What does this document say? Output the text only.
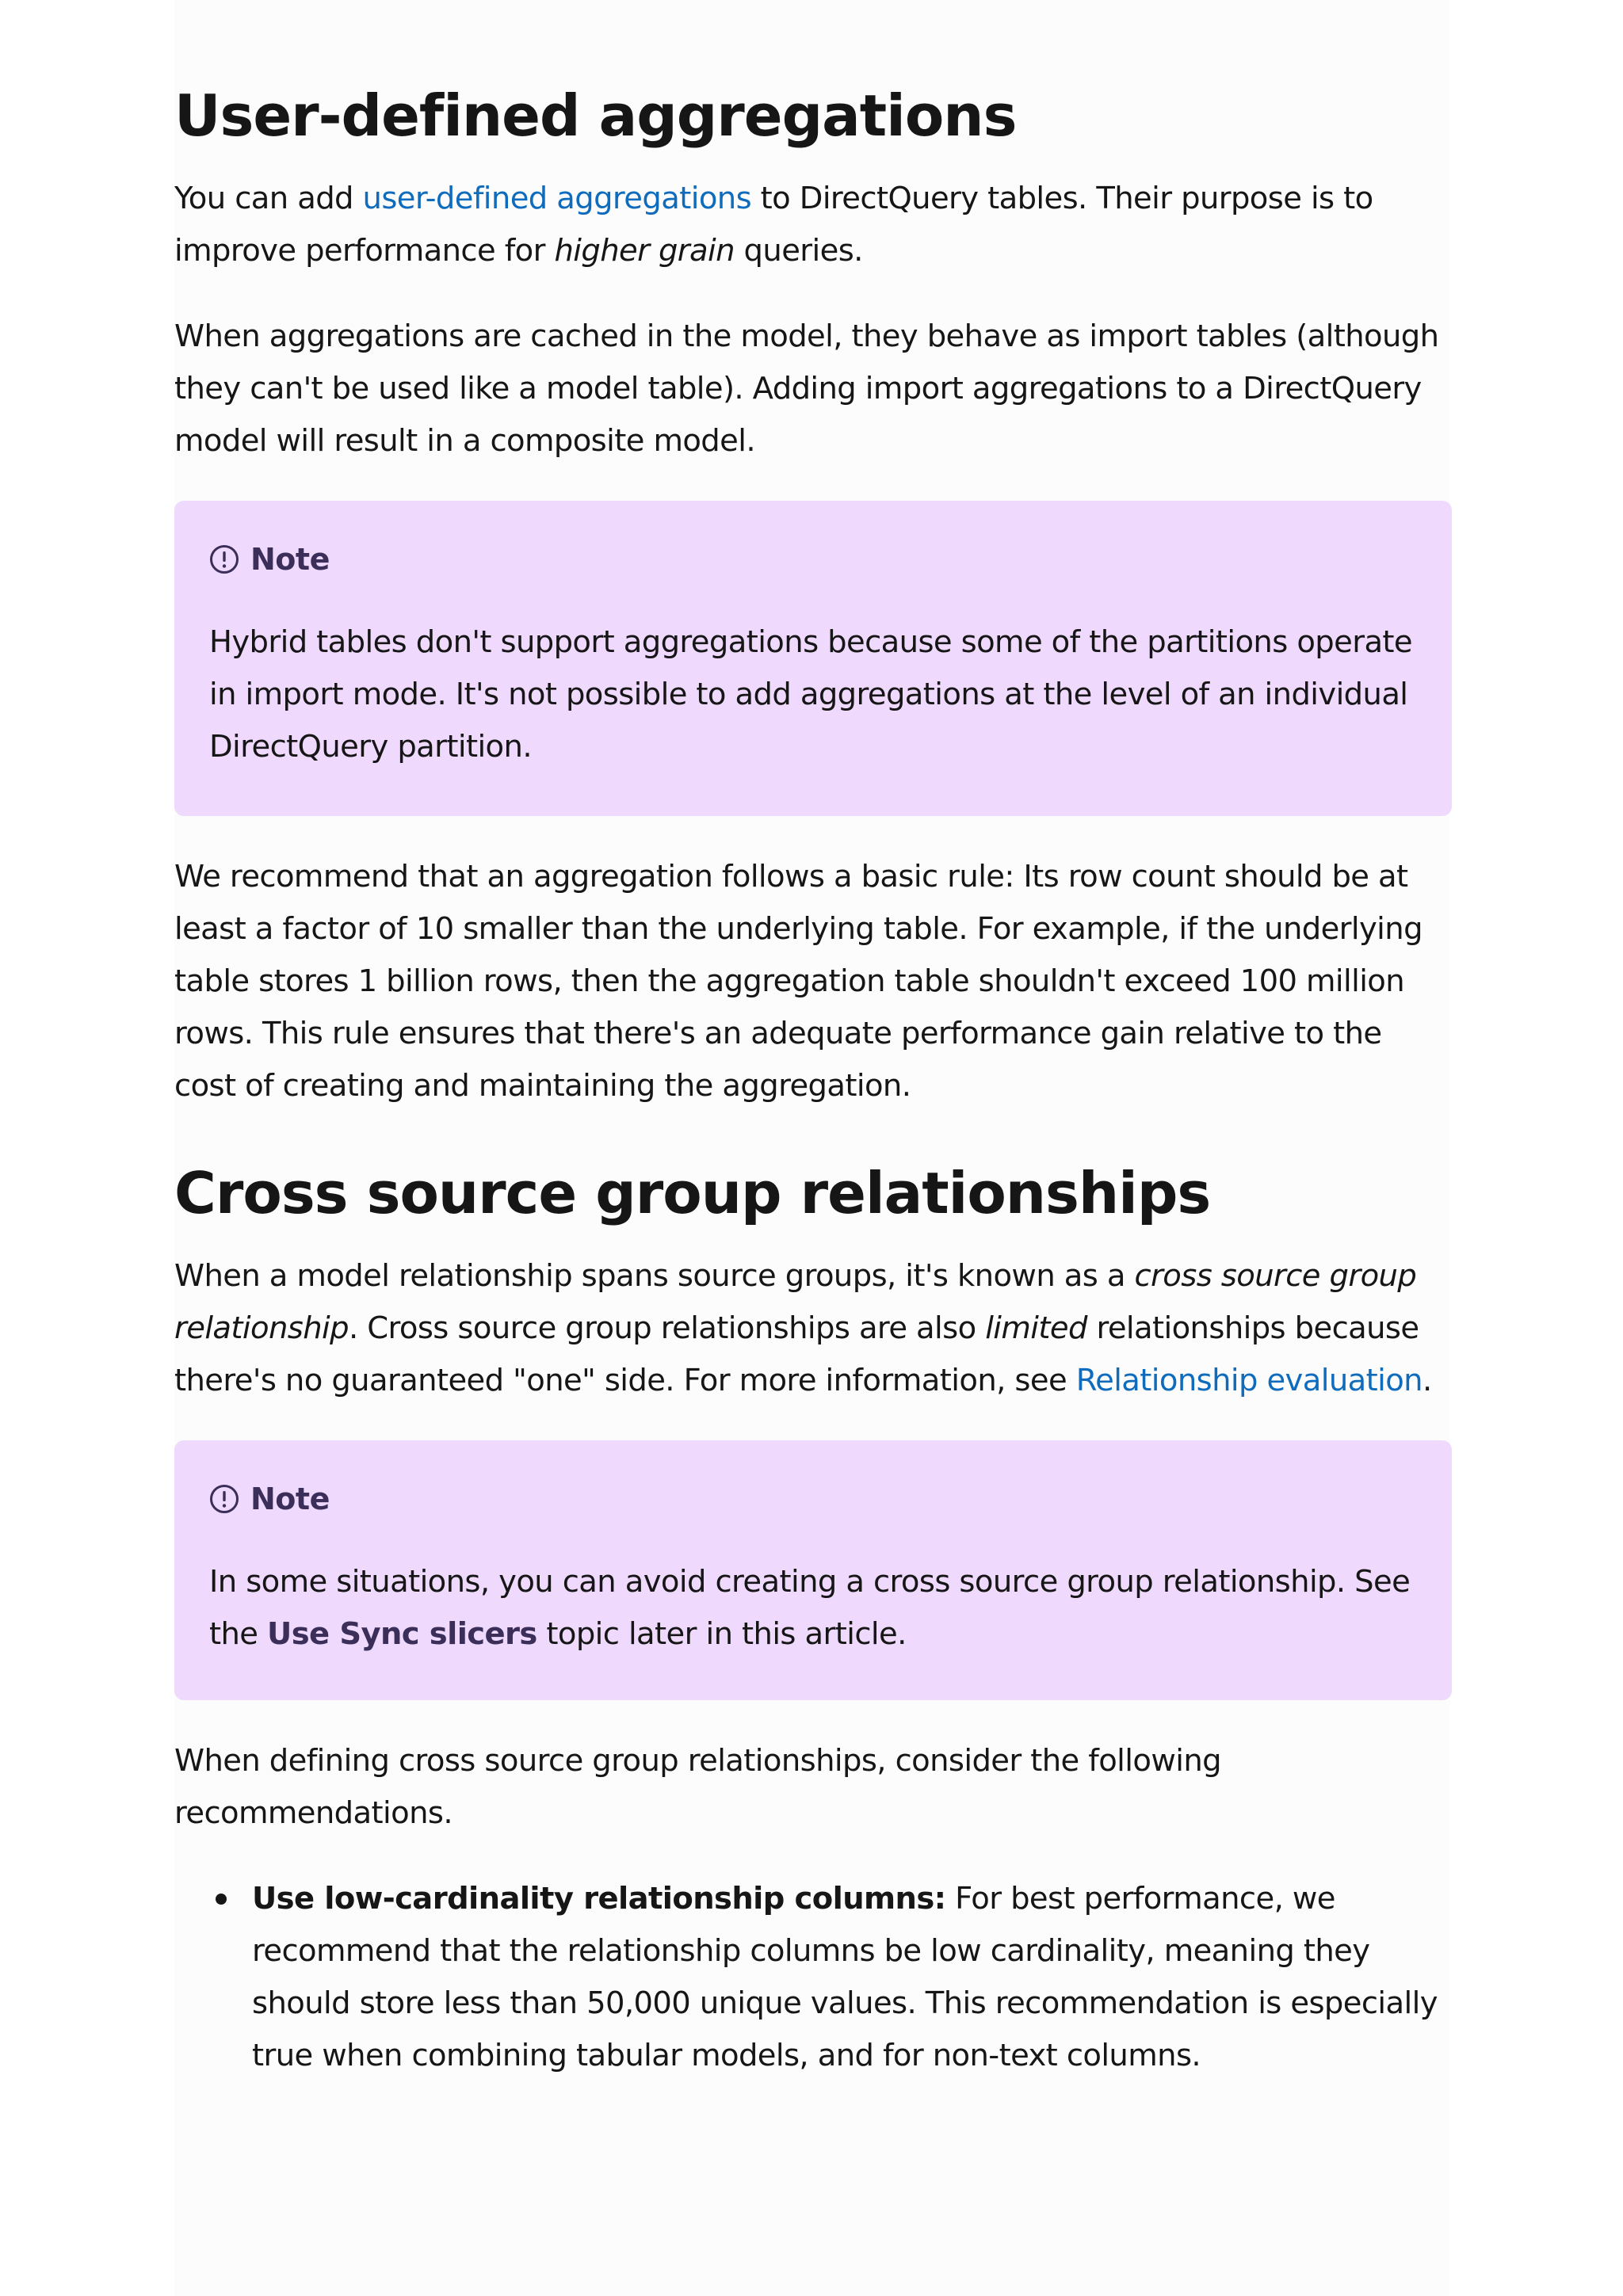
User-defined aggregations

You can add user-defined aggregations to DirectQuery tables. Their purpose is to improve performance for higher grain queries.

When aggregations are cached in the model, they behave as import tables (although they can't be used like a model table). Adding import aggregations to a DirectQuery model will result in a composite model.

Note

Hybrid tables don't support aggregations because some of the partitions operate in import mode. It's not possible to add aggregations at the level of an individual DirectQuery partition.

We recommend that an aggregation follows a basic rule: Its row count should be at least a factor of 10 smaller than the underlying table. For example, if the underlying table stores 1 billion rows, then the aggregation table shouldn't exceed 100 million rows. This rule ensures that there's an adequate performance gain relative to the cost of creating and maintaining the aggregation.

Cross source group relationships

When a model relationship spans source groups, it's known as a cross source group relationship. Cross source group relationships are also limited relationships because there's no guaranteed "one" side. For more information, see Relationship evaluation.

Note

In some situations, you can avoid creating a cross source group relationship. See the Use Sync slicers topic later in this article.

When defining cross source group relationships, consider the following recommendations.

Use low-cardinality relationship columns: For best performance, we recommend that the relationship columns be low cardinality, meaning they should store less than 50,000 unique values. This recommendation is especially true when combining tabular models, and for non-text columns.
